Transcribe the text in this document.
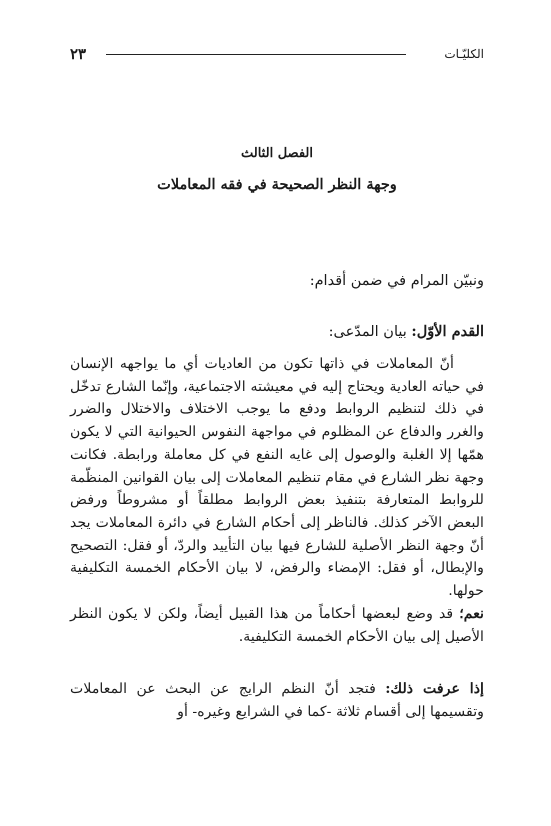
الكليّـات
٢٣
الفصل الثالث
وجهة النظر الصحيحة في فقه المعاملات
ونبيّن المرام في ضمن أقدام:
القدم الأوّل: بيان المدّعى:
أنّ المعاملات في ذاتها تكون من العاديات أي ما يواجهه الإنسان في حياته العادية ويحتاج إليه في معيشته الاجتماعية، وإنّما الشارع تدخّل في ذلك لتنظيم الروابط ودفع ما يوجب الاختلاف والاختلال والضرر والغرر والدفاع عن المظلوم في مواجهة النفوس الحيوانية التي لا يكون همّها إلا الغلبة والوصول إلى غايه النفع في كل معاملة ورابطة. فكانت وجهة نظر الشارع في مقام تنظيم المعاملات إلى بيان القوانين المنظّمة للروابط المتعارفة بتنفيذ بعض الروابط مطلقاً أو مشروطاً ورفض البعض الآخر كذلك. فالناظر إلى أحكام الشارع في دائرة المعاملات يجد أنّ وجهة النظر الأصلية للشارع فيها بيان التأييد والردّ، أو فقل: التصحيح والإبطال، أو فقل: الإمضاء والرفض، لا بيان الأحكام الخمسة التكليفية حولها.
نعم؛ قد وضع لبعضها أحكاماً من هذا القبيل أيضاً، ولكن لا يكون النظر الأصيل إلى بيان الأحكام الخمسة التكليفية.
إذا عرفت ذلك: فتجد أنّ النظم الرايج عن البحث عن المعاملات وتقسيمها إلى أقسام ثلاثة -كما في الشرايع وغيره- أو
